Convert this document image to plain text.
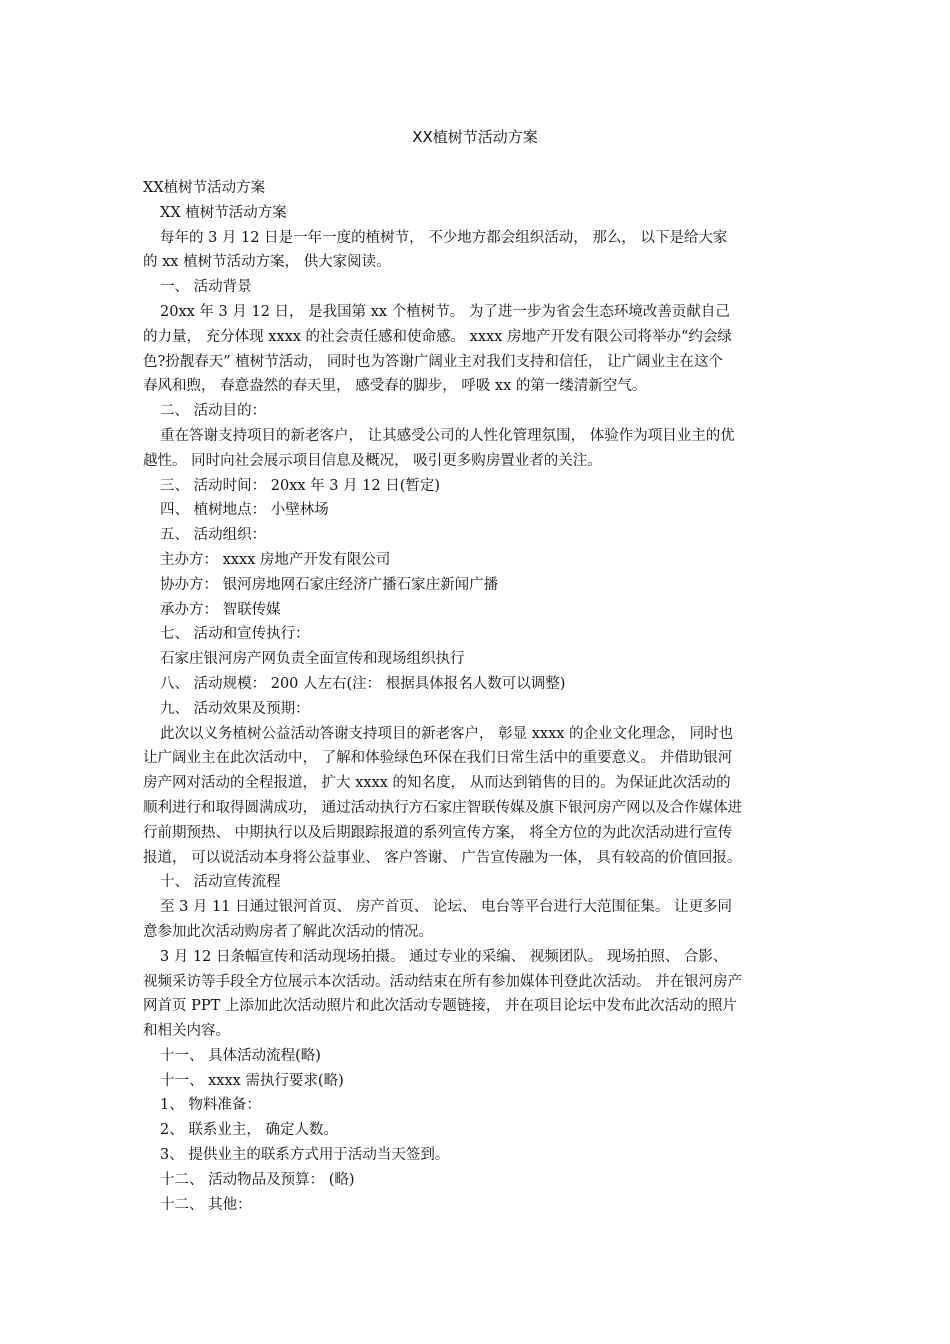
XX植树节活动方案
XX植树节活动方案
XX 植树节活动方案
每年的 3 月 12 日是一年一度的植树节， 不少地方都会组织活动， 那么， 以下是给大家
的 xx 植树节活动方案， 供大家阅读。
一、 活动背景
20xx 年 3 月 12 日， 是我国第 xx 个植树节。 为了进一步为省会生态环境改善贡献自己
的力量， 充分体现 xxxx 的社会责任感和使命感。 xxxx 房地产开发有限公司将举办“约会绿
色?扮靓春天” 植树节活动， 同时也为答谢广阔业主对我们支持和信任， 让广阔业主在这个
春风和煦， 春意盎然的春天里， 感受春的脚步， 呼吸 xx 的第一缕清新空气。
二、 活动目的：
重在答谢支持项目的新老客户， 让其感受公司的人性化管理氛围， 体验作为项目业主的优
越性。 同时向社会展示项目信息及概况， 吸引更多购房置业者的关注。
三、 活动时间： 20xx 年 3 月 12 日(暂定)
四、 植树地点： 小壁林场
五、 活动组织：
主办方： xxxx 房地产开发有限公司
协办方： 银河房地网石家庄经济广播石家庄新闻广播
承办方： 智联传媒
七、 活动和宣传执行：
石家庄银河房产网负责全面宣传和现场组织执行
八、 活动规模： 200 人左右(注： 根据具体报名人数可以调整)
九、 活动效果及预期：
此次以义务植树公益活动答谢支持项目的新老客户， 彰显 xxxx 的企业文化理念， 同时也
让广阔业主在此次活动中， 了解和体验绿色环保在我们日常生活中的重要意义。 并借助银河
房产网对活动的全程报道， 扩大 xxxx 的知名度， 从而达到销售的目的。为保证此次活动的
顺利进行和取得圆满成功， 通过活动执行方石家庄智联传媒及旗下银河房产网以及合作媒体进
行前期预热、 中期执行以及后期跟踪报道的系列宣传方案， 将全方位的为此次活动进行宣传
报道， 可以说活动本身将公益事业、 客户答谢、 广告宣传融为一体， 具有较高的价值回报。
十、 活动宣传流程
至 3 月 11 日通过银河首页、 房产首页、 论坛、 电台等平台进行大范围征集。 让更多同
意参加此次活动购房者了解此次活动的情况。
3 月 12 日条幅宣传和活动现场拍摄。 通过专业的采编、 视频团队。 现场拍照、 合影、
视频采访等手段全方位展示本次活动。活动结束在所有参加媒体刊登此次活动。 并在银河房产
网首页 PPT 上添加此次活动照片和此次活动专题链接， 并在项目论坛中发布此次活动的照片
和相关内容。
十一、 具体活动流程(略)
十一、 xxxx 需执行要求(略)
1、 物料准备：
2、 联系业主， 确定人数。
3、 提供业主的联系方式用于活动当天签到。
十二、 活动物品及预算： (略)
十二、 其他：
